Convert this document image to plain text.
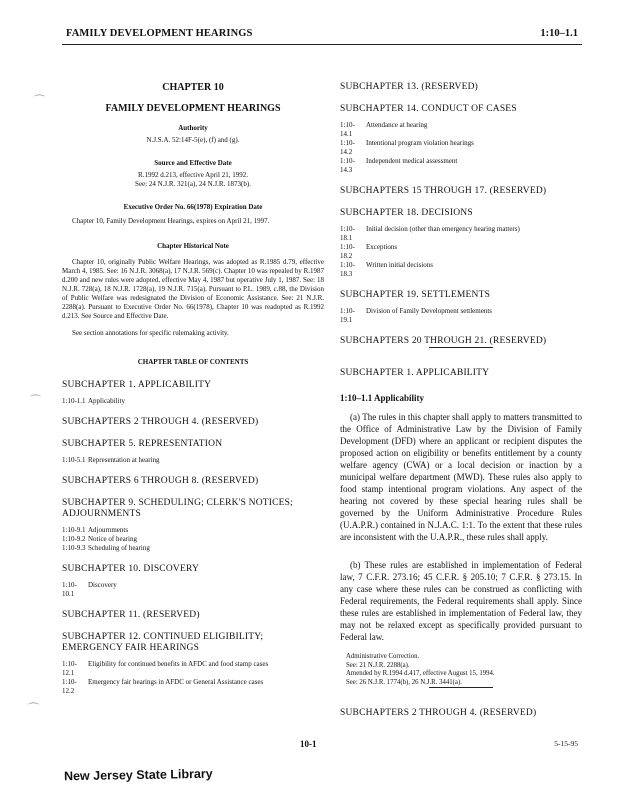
FAMILY DEVELOPMENT HEARINGS	1:10–1.1
CHAPTER 10
FAMILY DEVELOPMENT HEARINGS
Authority
N.J.S.A. 52:14F-5(e), (f) and (g).
Source and Effective Date
R.1992 d.213, effective April 21, 1992.
See: 24 N.J.R. 321(a), 24 N.J.R. 1873(b).
Executive Order No. 66(1978) Expiration Date
Chapter 10, Family Development Hearings, expires on April 21, 1997.
Chapter Historical Note
Chapter 10, originally Public Welfare Hearings, was adopted as R.1985 d.79, effective March 4, 1985. See: 16 N.J.R. 3068(a), 17 N.J.R. 569(c). Chapter 10 was repealed by R.1987 d.200 and new rules were adopted, effective May 4, 1987 but operative July 1, 1987. See: 18 N.J.R. 728(a), 18 N.J.R. 1728(a), 19 N.J.R. 715(a). Pursuant to P.L. 1989, c.88, the Division of Public Welfare was redesignated the Division of Economic Assistance. See: 21 N.J.R. 2288(a). Pursuant to Executive Order No. 66(1978), Chapter 10 was readopted as R.1992 d.213. See Source and Effective Date.
See section annotations for specific rulemaking activity.
CHAPTER TABLE OF CONTENTS
SUBCHAPTER 1. APPLICABILITY
1:10-1.1 Applicability
SUBCHAPTERS 2 THROUGH 4. (RESERVED)
SUBCHAPTER 5. REPRESENTATION
1:10-5.1 Representation at hearing
SUBCHAPTERS 6 THROUGH 8. (RESERVED)
SUBCHAPTER 9. SCHEDULING; CLERK'S NOTICES; ADJOURNMENTS
1:10-9.1 Adjournments
1:10-9.2 Notice of hearing
1:10-9.3 Scheduling of hearing
SUBCHAPTER 10. DISCOVERY
1:10-10.1
Discovery
SUBCHAPTER 11. (RESERVED)
SUBCHAPTER 12. CONTINUED ELIGIBILITY; EMERGENCY FAIR HEARINGS
1:10-12.1
Eligibility for continued benefits in AFDC and food stamp cases
1:10-12.2
Emergency fair hearings in AFDC or General Assistance cases
SUBCHAPTER 13. (RESERVED)
SUBCHAPTER 14. CONDUCT OF CASES
1:10-14.1
Attendance at hearing
1:10-14.2
Intentional program violation hearings
1:10-14.3
Independent medical assessment
SUBCHAPTERS 15 THROUGH 17. (RESERVED)
SUBCHAPTER 18. DECISIONS
1:10-18.1
Initial decision (other than emergency hearing matters)
1:10-18.2
Exceptions
1:10-18.3
Written initial decisions
SUBCHAPTER 19. SETTLEMENTS
1:10-19.1
Division of Family Development settlements
SUBCHAPTERS 20 THROUGH 21. (RESERVED)
SUBCHAPTER 1. APPLICABILITY
1:10–1.1 Applicability
(a) The rules in this chapter shall apply to matters transmitted to the Office of Administrative Law by the Division of Family Development (DFD) where an applicant or recipient disputes the proposed action on eligibility or benefits entitlement by a county welfare agency (CWA) or a local decision or inaction by a municipal welfare department (MWD). These rules also apply to food stamp intentional program violations. Any aspect of the hearing not covered by these special hearing rules shall be governed by the Uniform Administrative Procedure Rules (U.A.P.R.) contained in N.J.A.C. 1:1. To the extent that these rules are inconsistent with the U.A.P.R., these rules shall apply.
(b) These rules are established in implementation of Federal law, 7 C.F.R. 273.16; 45 C.F.R. § 205.10; 7 C.F.R. § 273.15. In any case where these rules can be construed as conflicting with Federal requirements, the Federal requirements shall apply. Since these rules are established in implementation of Federal law, they may not be relaxed except as specifically provided pursuant to Federal law.
Administrative Correction.
See: 21 N.J.R. 2288(a).
Amended by R.1994 d.417, effective August 15, 1994.
See: 26 N.J.R. 1774(b), 26 N.J.R. 3441(a).
SUBCHAPTERS 2 THROUGH 4. (RESERVED)
10-1	5-15-95
New Jersey State Library
⌒
⌒
⌒
